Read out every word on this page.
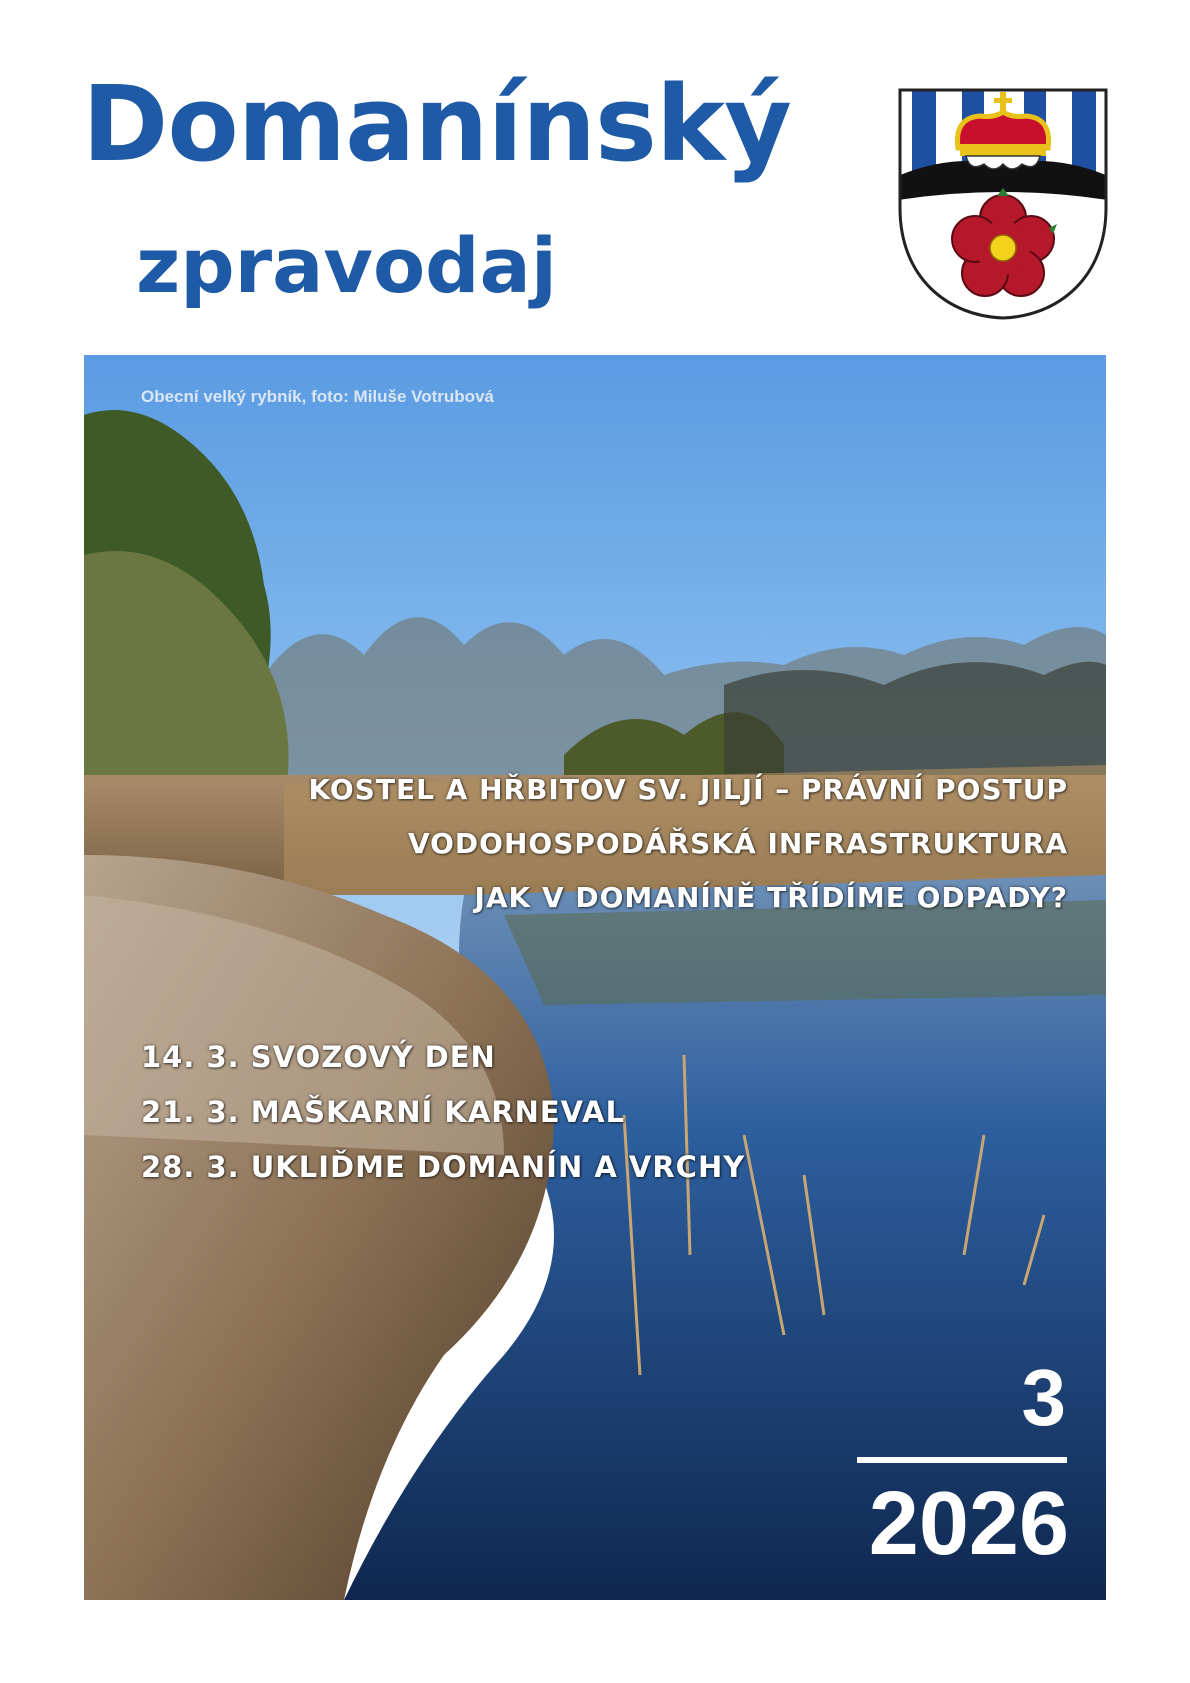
Domanínský
zpravodaj
Obecní velký rybník, foto: Miluše Votrubová
KOSTEL A HŘBITOV SV. JILJÍ – PRÁVNÍ POSTUP
VODOHOSPODÁŘSKÁ INFRASTRUKTURA
JAK V DOMANÍNĚ TŘÍDÍME ODPADY?
14. 3. SVOZOVÝ DEN
21. 3. MAŠKARNÍ KARNEVAL
28. 3. UKLIĎME DOMANÍN A VRCHY
3
2026
